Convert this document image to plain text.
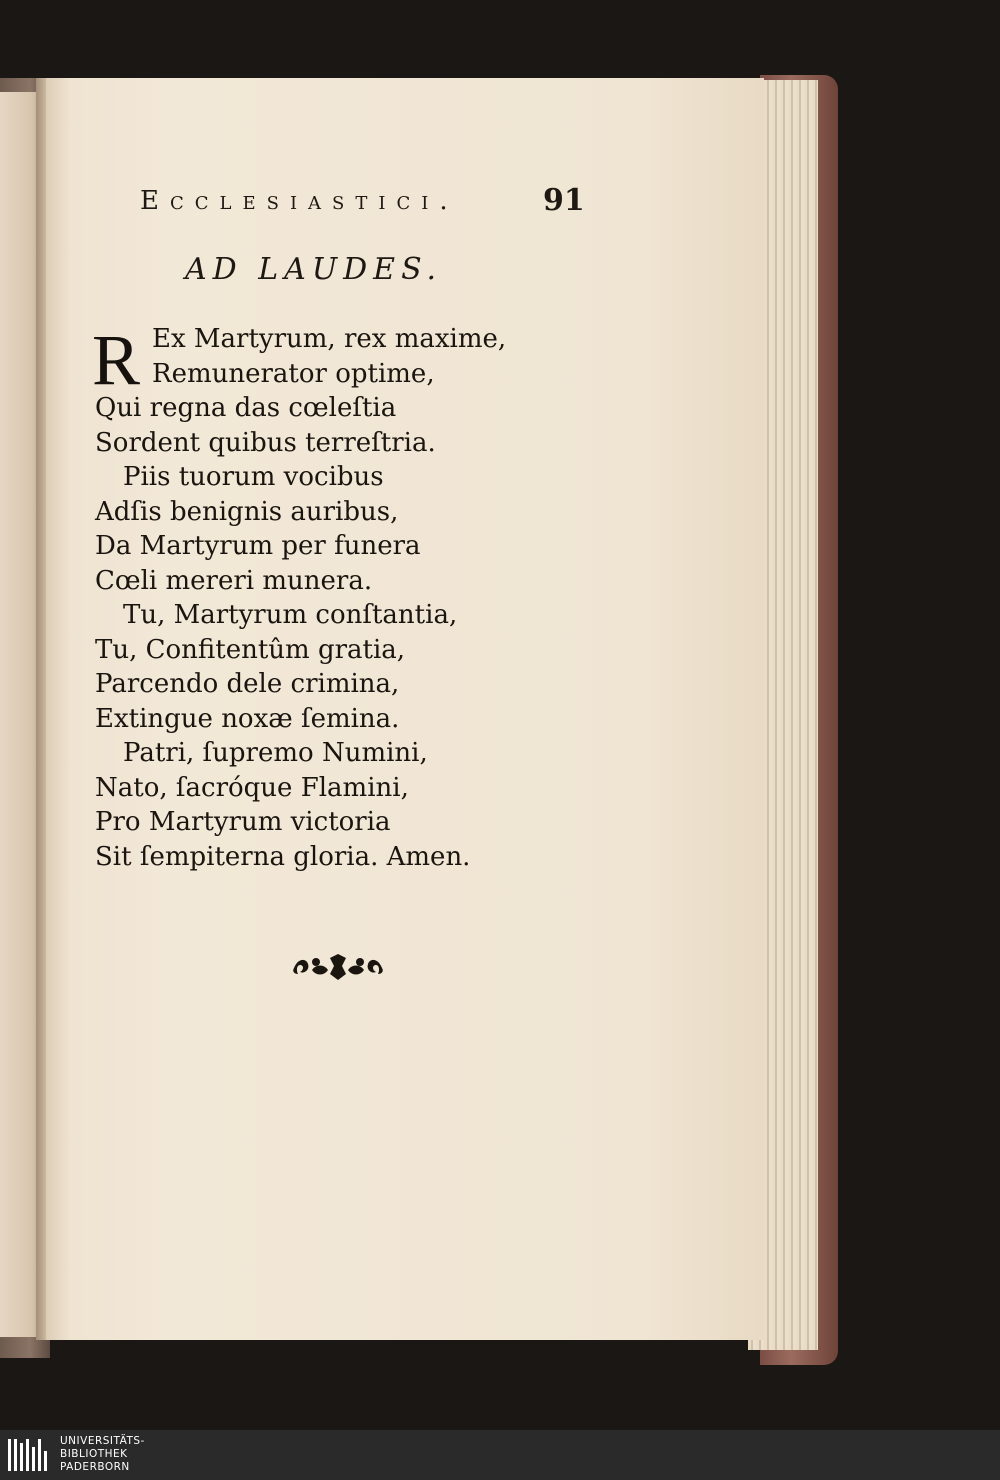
Ecclesiastici.	91
AD LAUDES.
R Ex Martyrum, rex maxime,
Remunerator optime,
Qui regna das cœleſtia
Sordent quibus terreſtria.
Piis tuorum vocibus
Adſis benignis auribus,
Da Martyrum per funera
Cœli mereri munera.
Tu, Martyrum conſtantia,
Tu, Confitentûm gratia,
Parcendo dele crimina,
Extingue noxæ ſemina.
Patri, ſupremo Numini,
Nato, ſacróque Flamini,
Pro Martyrum victoria
Sit ſempiterna gloria. Amen.
UNIVERSITÄTS-
BIBLIOTHEK
PADERBORN
